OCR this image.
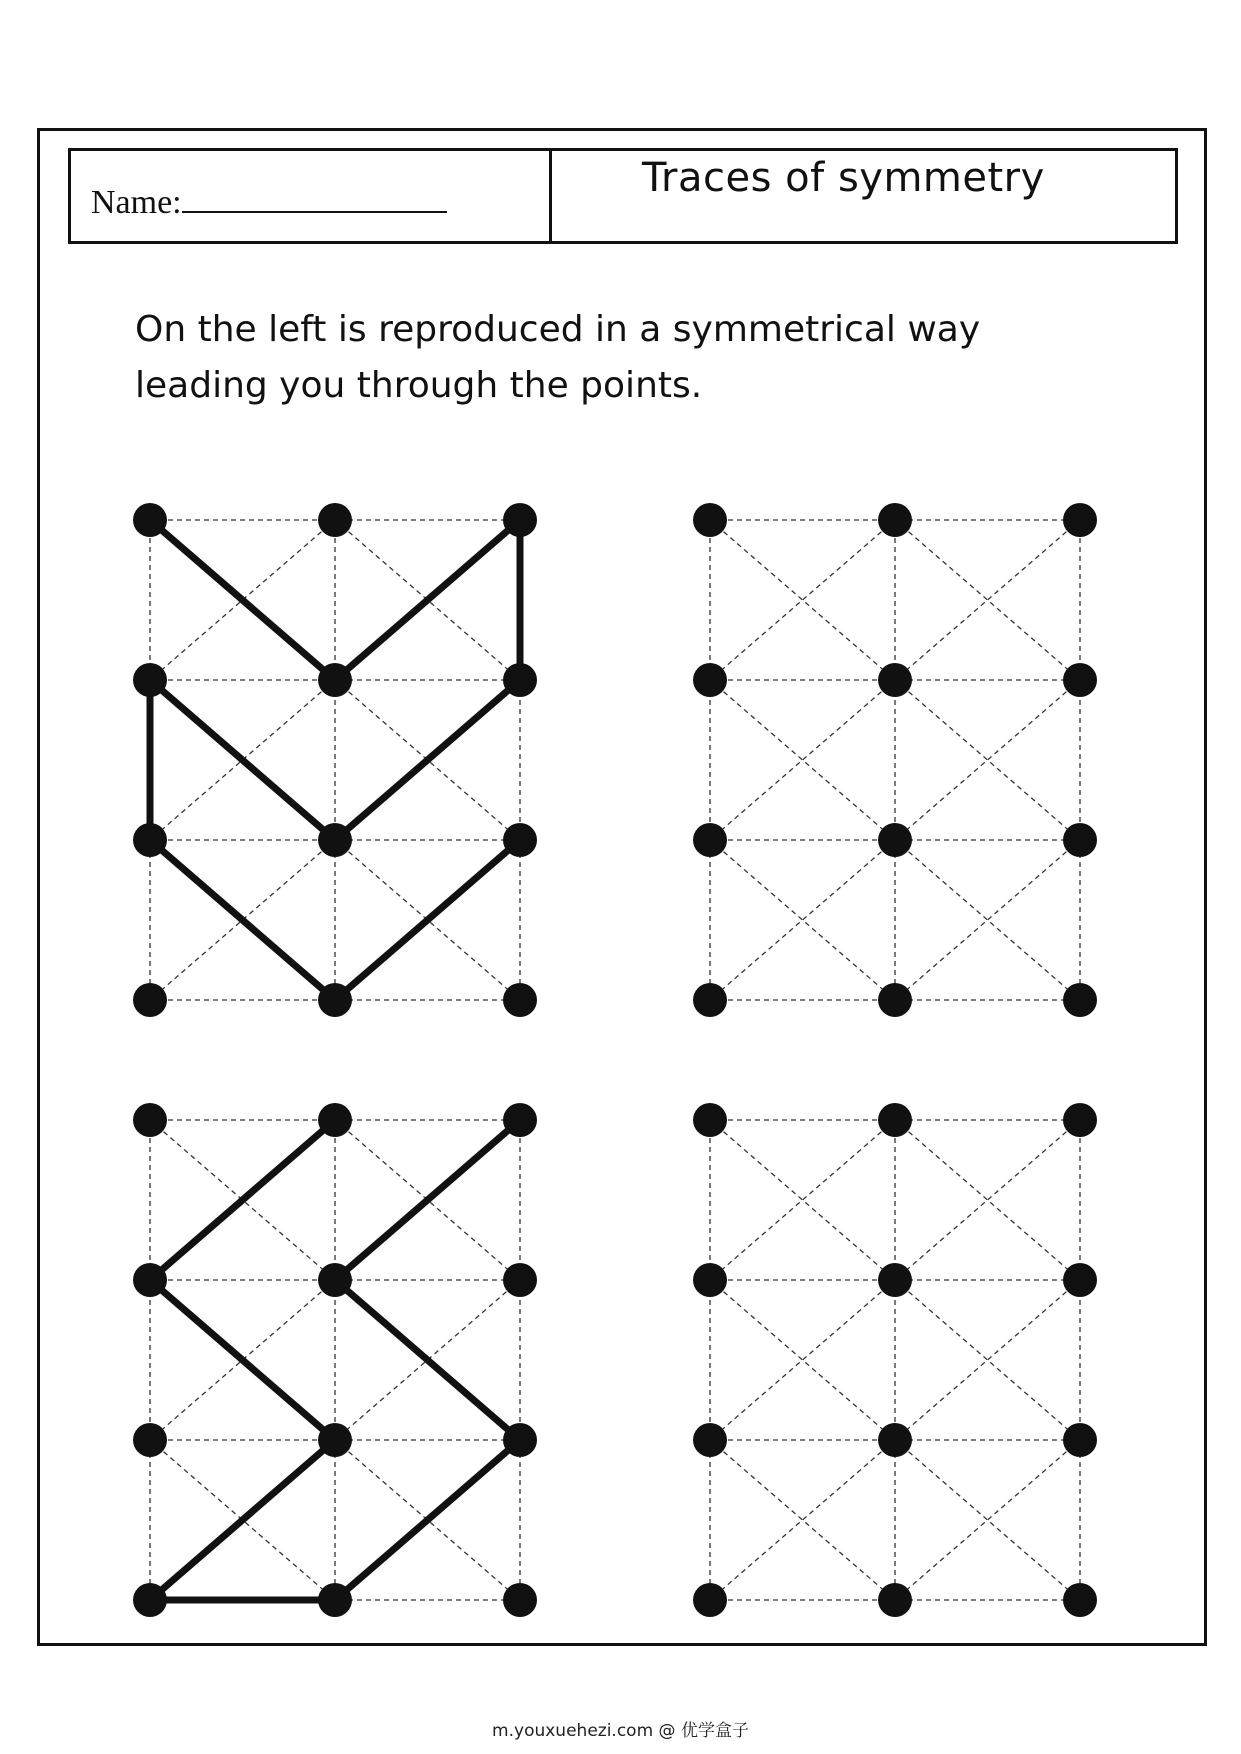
Name:
Traces of symmetry
On the left is reproduced in a symmetrical way
leading you through the points.
m.youxuehezi.com @ 优学盒子
